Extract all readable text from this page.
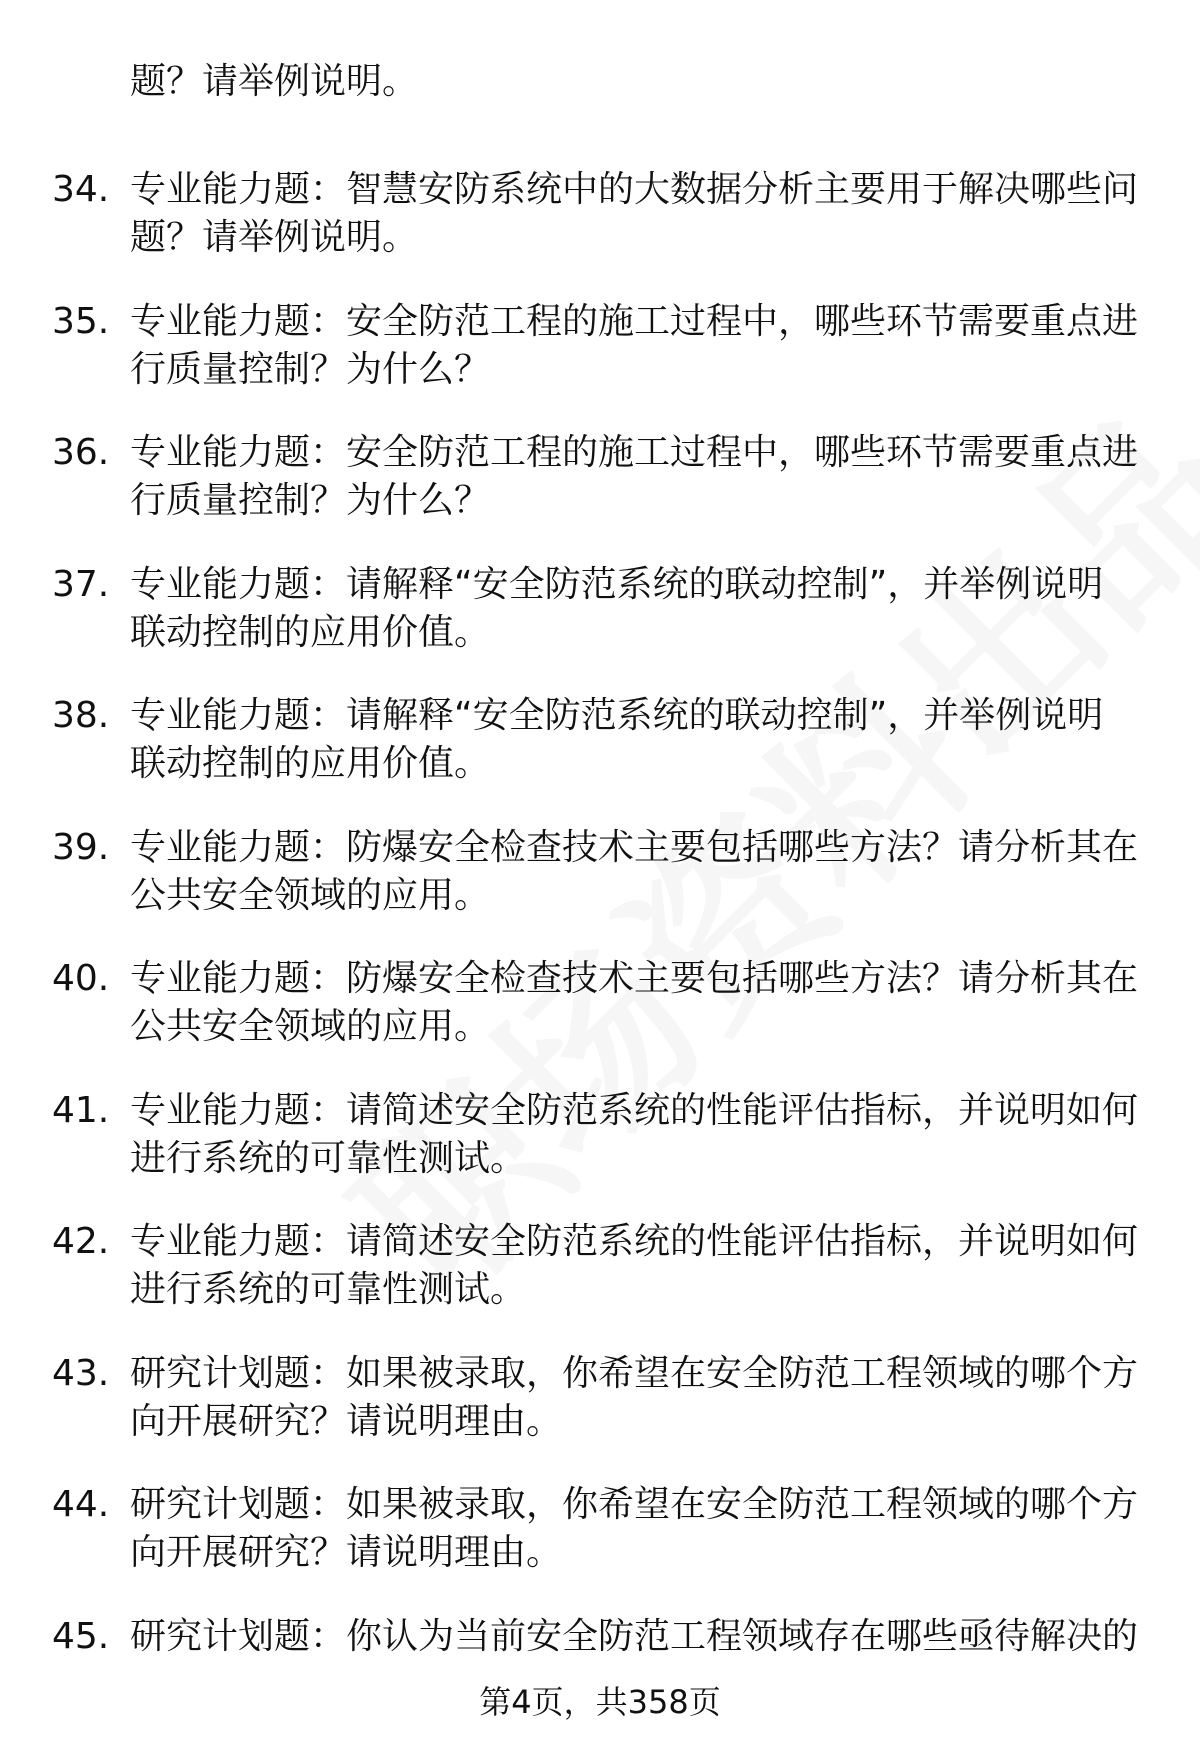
题？请举例说明。
34. 专业能力题：智慧安防系统中的大数据分析主要用于解决哪些问
题？请举例说明。
35. 专业能力题：安全防范工程的施工过程中，哪些环节需要重点进
行质量控制？为什么？
36. 专业能力题：安全防范工程的施工过程中，哪些环节需要重点进
行质量控制？为什么？
37. 专业能力题：请解释“安全防范系统的联动控制”，并举例说明
联动控制的应用价值。
38. 专业能力题：请解释“安全防范系统的联动控制”，并举例说明
联动控制的应用价值。
39. 专业能力题：防爆安全检查技术主要包括哪些方法？请分析其在
公共安全领域的应用。
40. 专业能力题：防爆安全检查技术主要包括哪些方法？请分析其在
公共安全领域的应用。
41. 专业能力题：请简述安全防范系统的性能评估指标，并说明如何
进行系统的可靠性测试。
42. 专业能力题：请简述安全防范系统的性能评估指标，并说明如何
进行系统的可靠性测试。
43. 研究计划题：如果被录取，你希望在安全防范工程领域的哪个方
向开展研究？请说明理由。
44. 研究计划题：如果被录取，你希望在安全防范工程领域的哪个方
向开展研究？请说明理由。
45. 研究计划题：你认为当前安全防范工程领域存在哪些亟待解决的
第4页，共358页
